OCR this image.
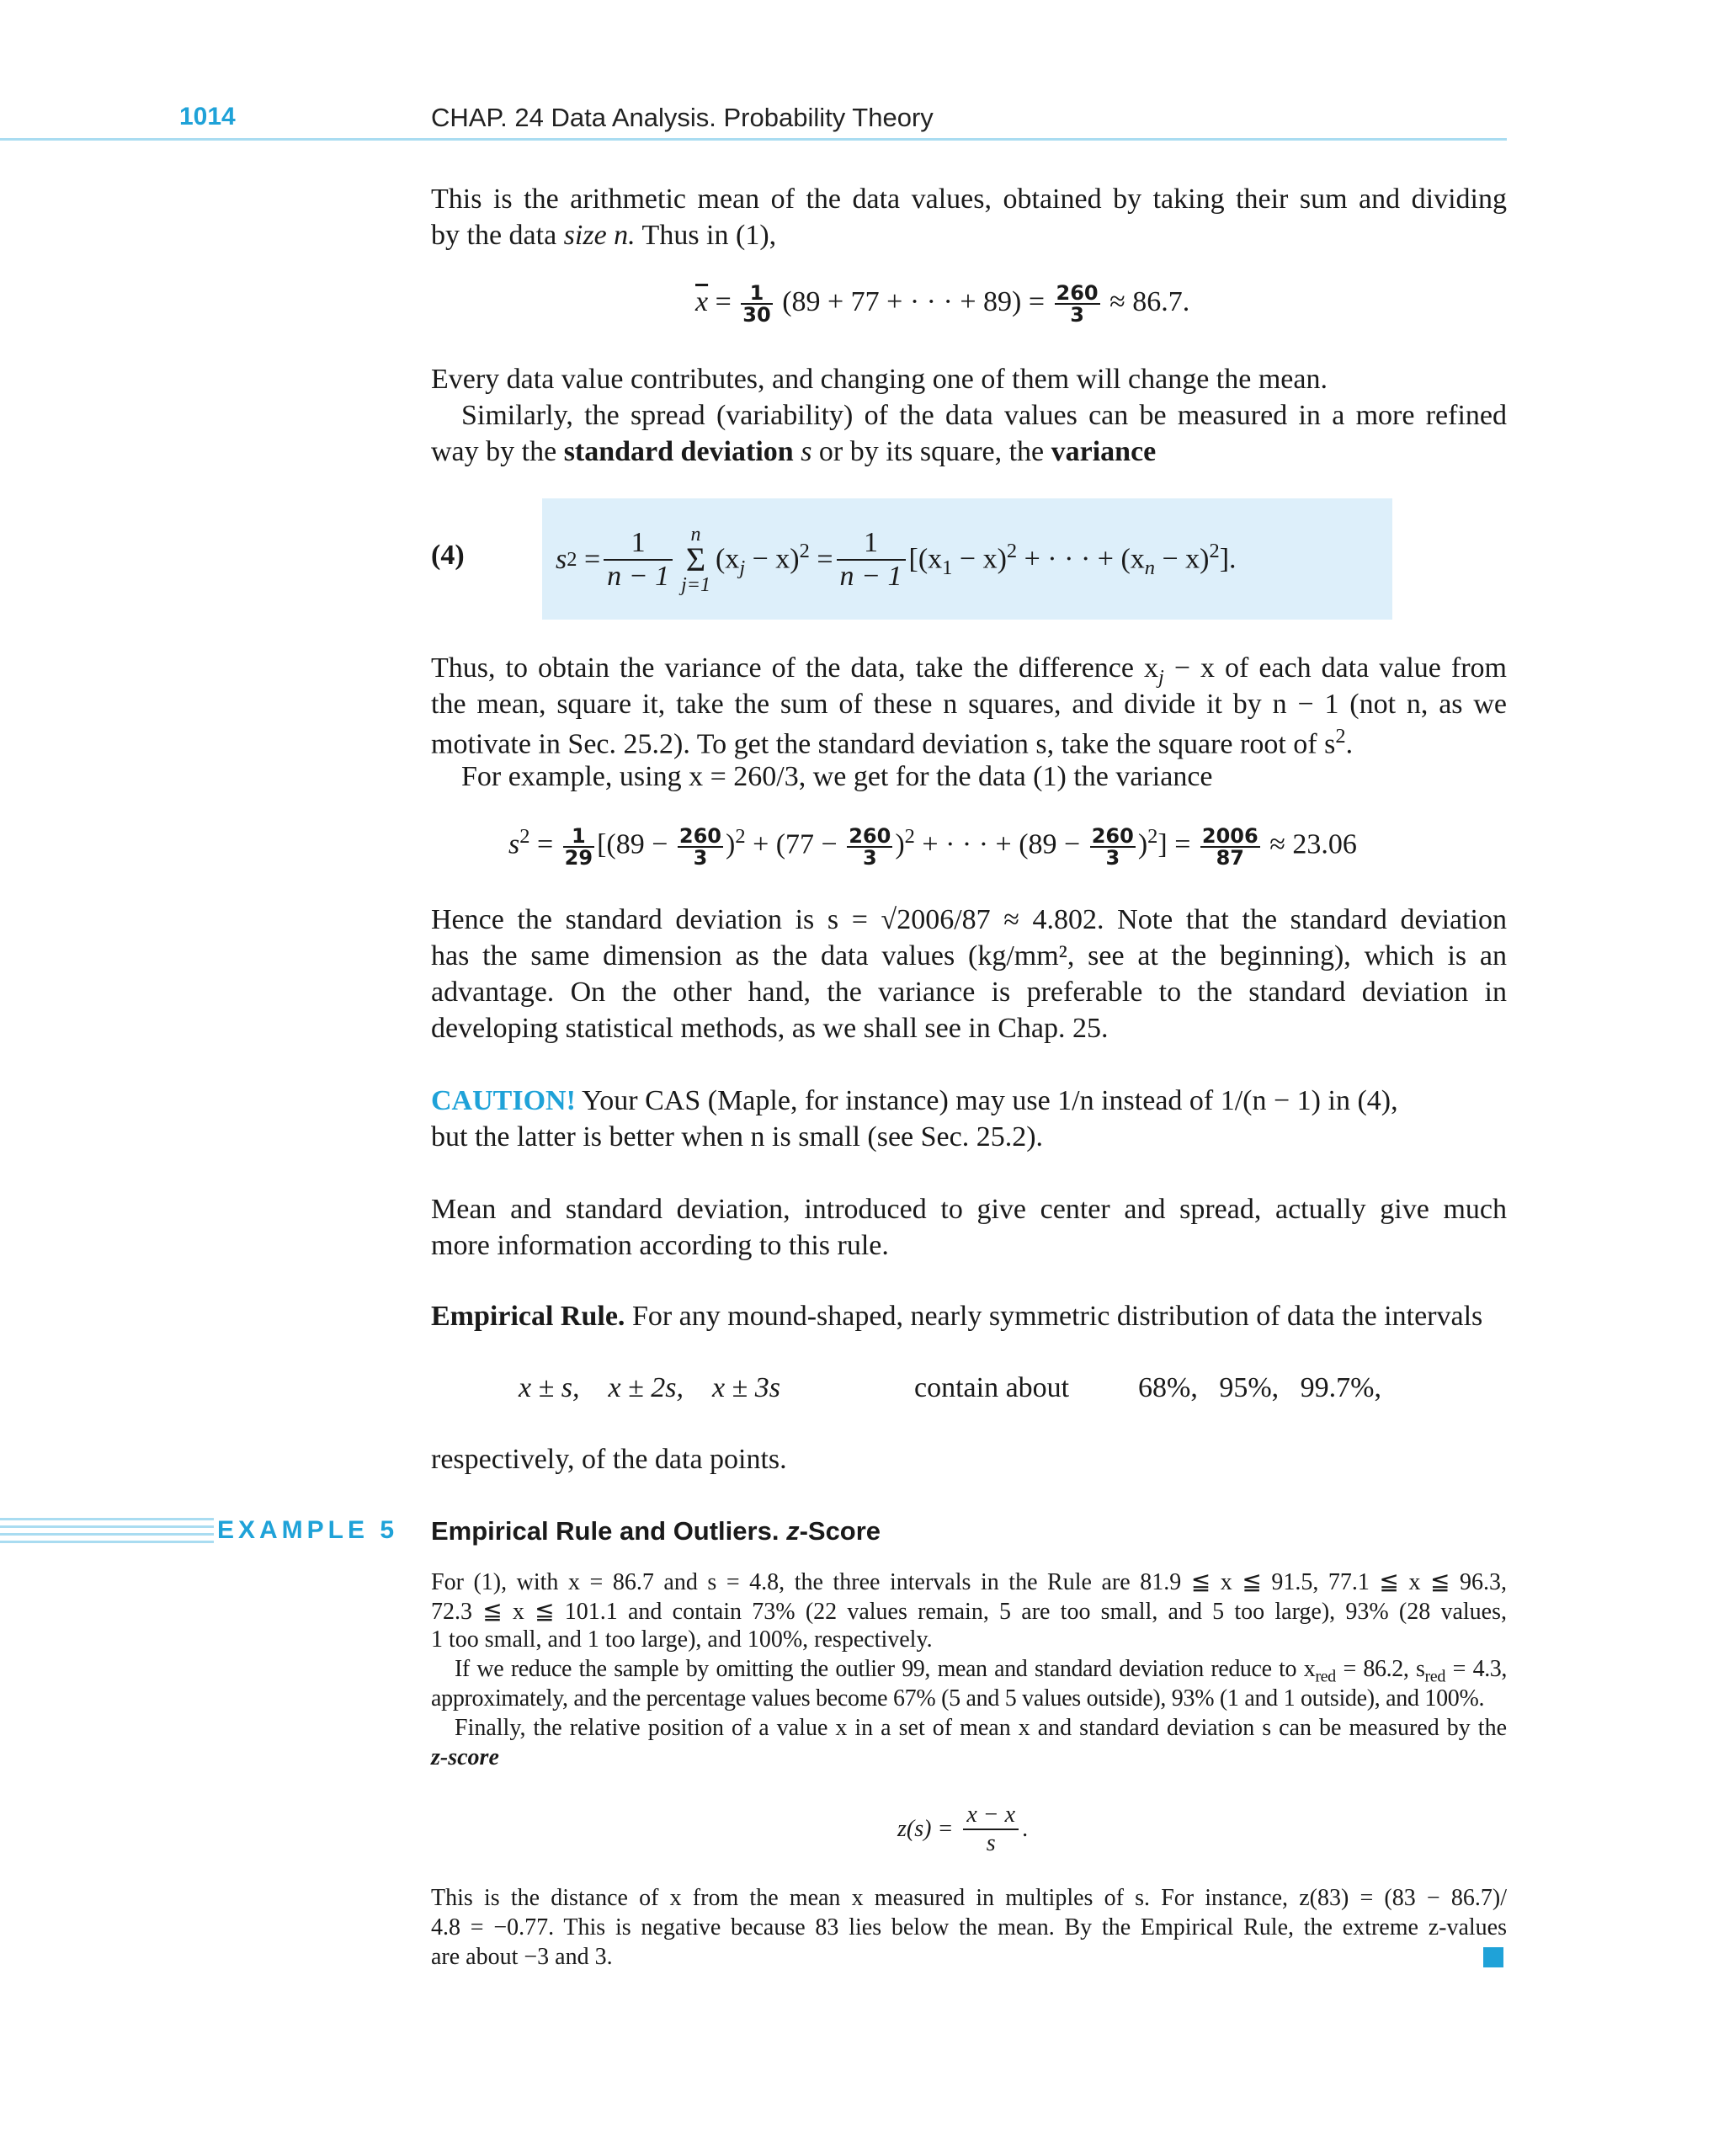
1014	CHAP. 24 Data Analysis. Probability Theory
This is the arithmetic mean of the data values, obtained by taking their sum and dividing
by the data size n. Thus in (1),
$\overline{x} = \frac{1}{30} (89 + 77$ + · · · + $89) = \frac{260}{3} \approx 86.7$.
Every data value contributes, and changing one of them will change the mean.
Similarly, the spread (variability) of the data values can be measured in a more refined
way by the standard deviation s or by its square, the variance
(4)	s 2
= $\frac{1}{n - 1}$ n
Σ
j=1
$(x_j - x)^2$
= $\frac{1}{n - 1} [(x_1 - x)^2$ + · · · + $(x_n - x)^2$].
Thus, to obtain the variance of the data, take the difference $x_j - x$ of each data value from
the mean, square it, take the sum of these n squares, and divide it by n − 1 (not n, as we
motivate in Sec. 25.2). To get the standard deviation s, take the square root of $s^2$.
For example, using x = 260/3, we get for the data (1) the variance
$s^2 = \frac{1}{29} [(89 - \frac{260}{3} )^2 + (77 - \frac{260}{3} )^2$ + · · · + $(89 - \frac{260}{3} )^2] = \frac{2006}{87} \approx 23.06$
Hence the standard deviation is s = √2006/87 ≈ 4.802. Note that the standard deviation
has the same dimension as the data values (kg/mm², see at the beginning), which is an
advantage. On the other hand, the variance is preferable to the standard deviation in
developing statistical methods, as we shall see in Chap. 25.
CAUTION! Your CAS (Maple, for instance) may use 1/n instead of 1/(n − 1) in (4),
but the latter is better when n is small (see Sec. 25.2).
Mean and standard deviation, introduced to give center and spread, actually give much
more information according to this rule.
Empirical Rule. For any mound-shaped, nearly symmetric distribution of data the intervals
x ± s,    x ± 2s,    x ± 3s	contain about 68%,   95%,   99.7%,
respectively, of the data points.
EXAMPLE 5 Empirical Rule and Outliers. z-Score
For (1), with x = 86.7 and s = 4.8, the three intervals in the Rule are 81.9 ≦ x ≦ 91.5, 77.1 ≦ x ≦ 96.3,
72.3 ≦ x ≦ 101.1 and contain 73% (22 values remain, 5 are too small, and 5 too large), 93% (28 values,
1 too small, and 1 too large), and 100%, respectively.
If we reduce the sample by omitting the outlier 99, mean and standard deviation reduce to $x_{red} = 86.2$, $s_{red} = 4.3$,
approximately, and the percentage values become 67% (5 and 5 values outside), 93% (1 and 1 outside), and 100%.
Finally, the relative position of a value x in a set of mean x and standard deviation s can be measured by the
z-score
$z(s) = \frac{x - x}{s}$ .
This is the distance of x from the mean x measured in multiples of s. For instance, z(83) = (83 − 86.7)/
4.8 = −0.77. This is negative because 83 lies below the mean. By the Empirical Rule, the extreme z-values
are about −3 and 3.
